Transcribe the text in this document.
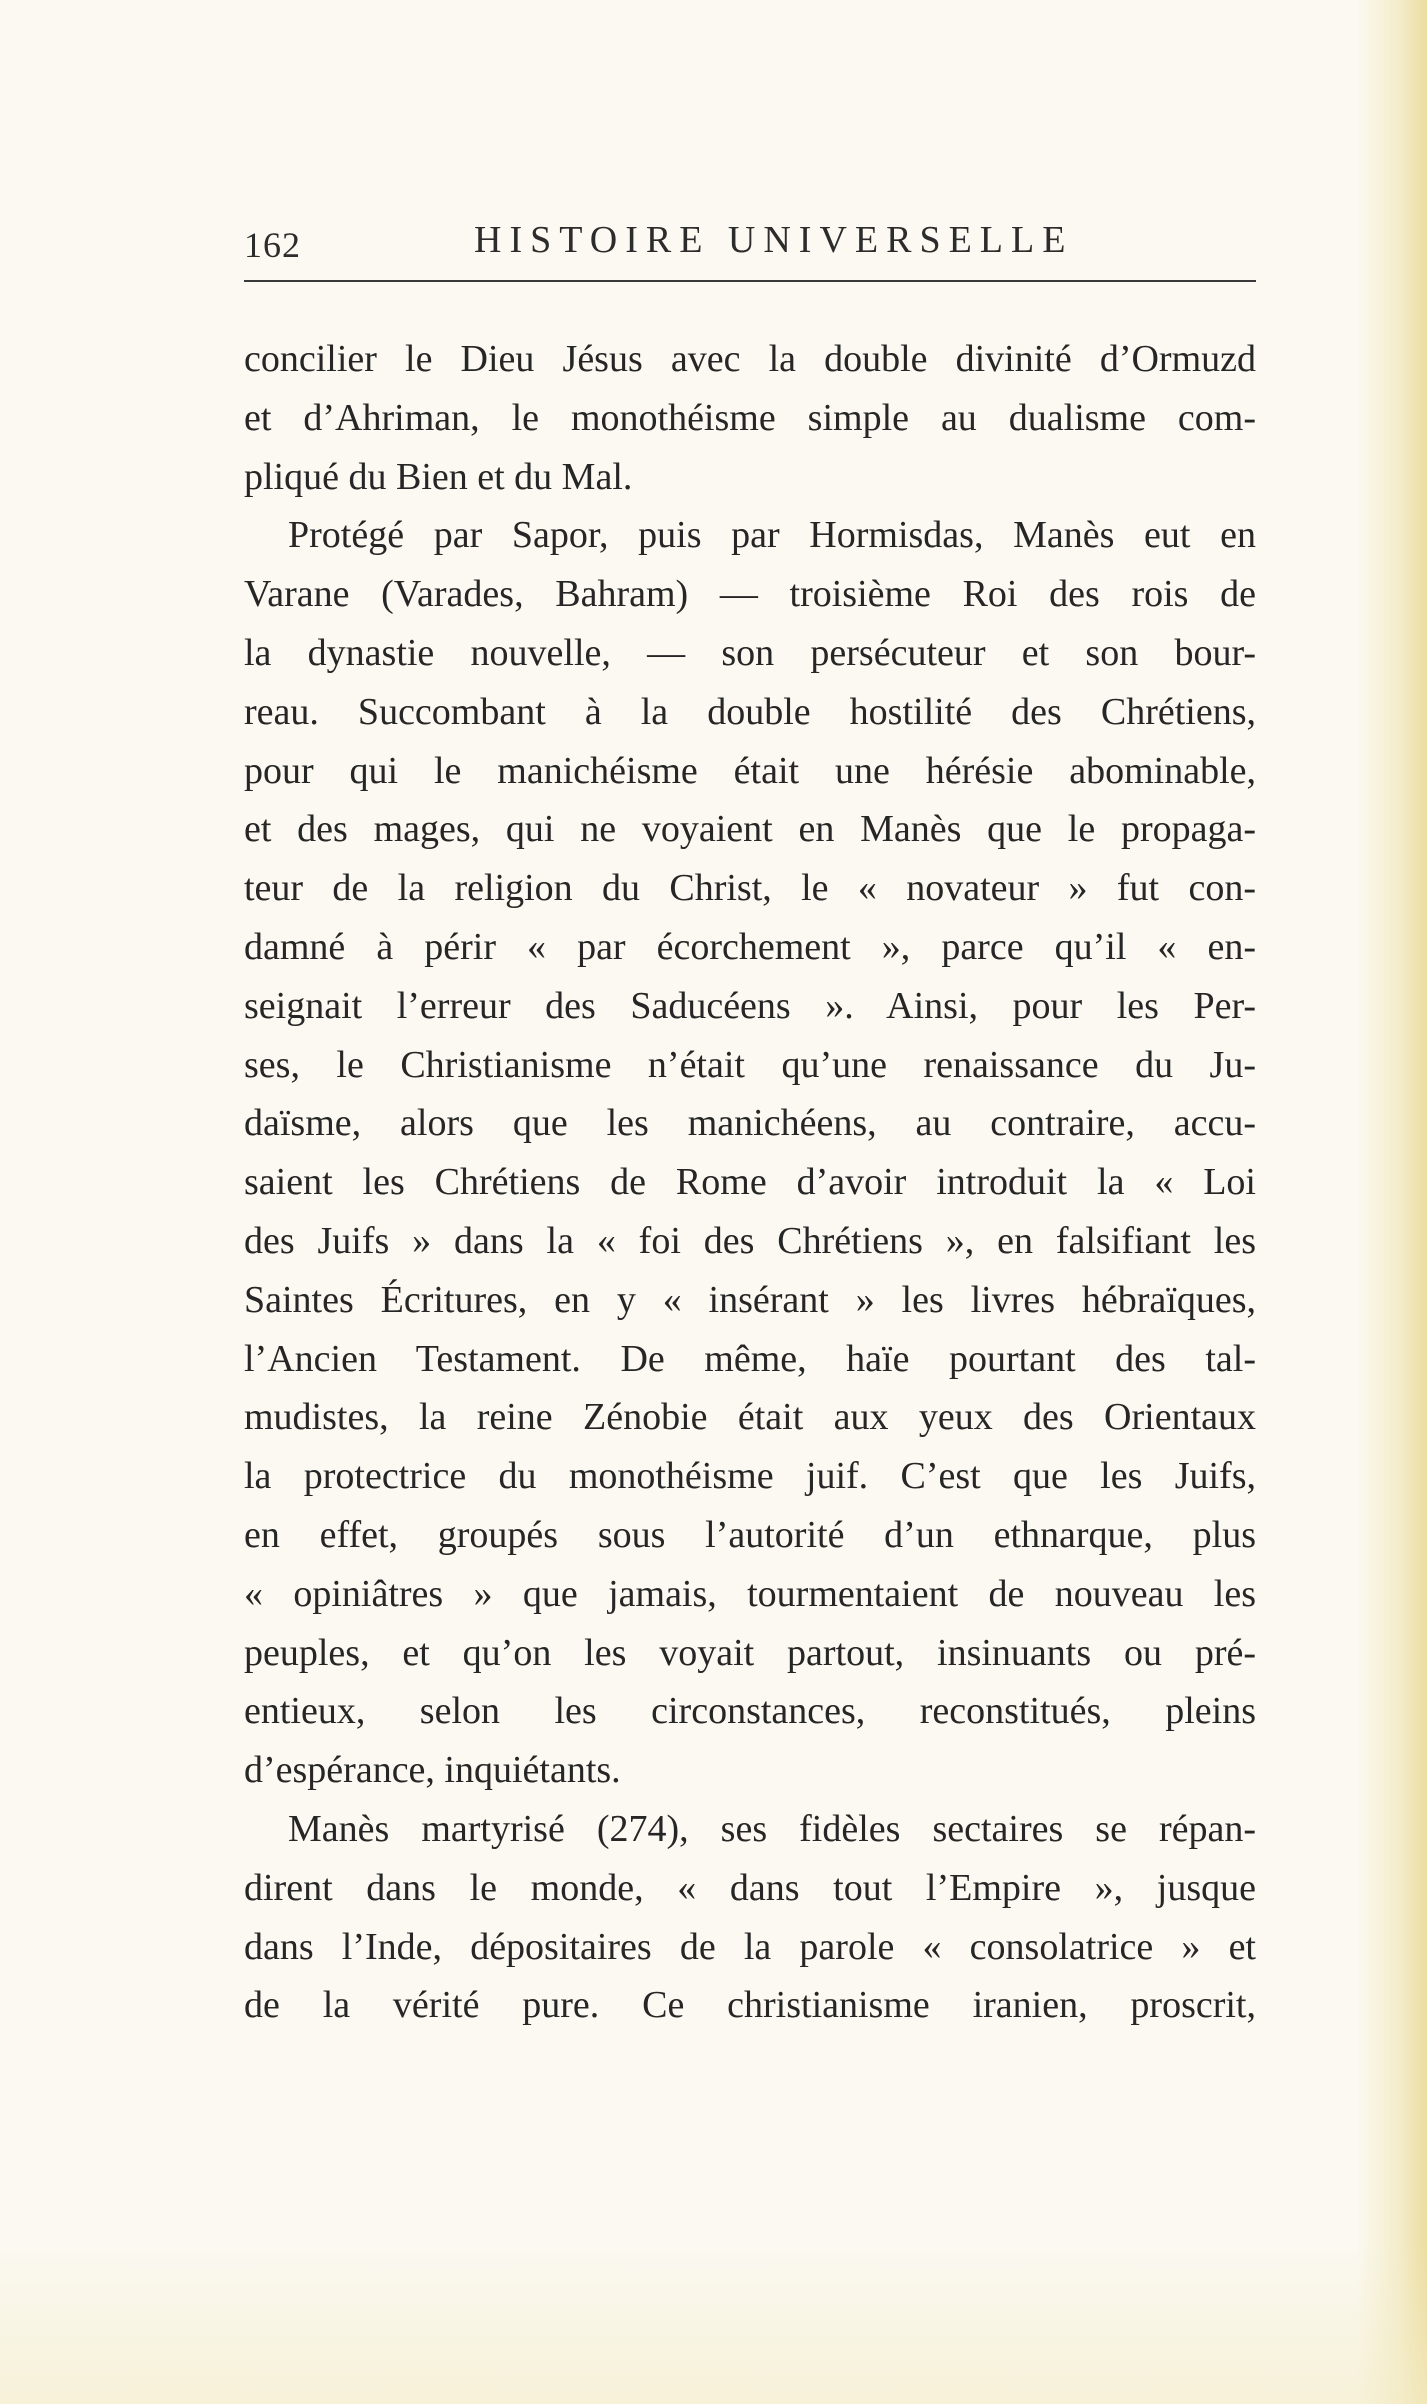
162	HISTOIRE UNIVERSELLE
concilier le Dieu Jésus avec la double divinité d’Ormuzd
et d’Ahriman, le monothéisme simple au dualisme com-
pliqué du Bien et du Mal.
Protégé par Sapor, puis par Hormisdas, Manès eut en
Varane (Varades, Bahram) — troisième Roi des rois de
la dynastie nouvelle, — son persécuteur et son bour-
reau. Succombant à la double hostilité des Chrétiens,
pour qui le manichéisme était une hérésie abominable,
et des mages, qui ne voyaient en Manès que le propaga-
teur de la religion du Christ, le « novateur » fut con-
damné à périr « par écorchement », parce qu’il « en-
seignait l’erreur des Saducéens ». Ainsi, pour les Per-
ses, le Christianisme n’était qu’une renaissance du Ju-
daïsme, alors que les manichéens, au contraire, accu-
saient les Chrétiens de Rome d’avoir introduit la « Loi
des Juifs » dans la « foi des Chrétiens », en falsifiant les
Saintes Écritures, en y « insérant » les livres hébraïques,
l’Ancien Testament. De même, haïe pourtant des tal-
mudistes, la reine Zénobie était aux yeux des Orientaux
la protectrice du monothéisme juif. C’est que les Juifs,
en effet, groupés sous l’autorité d’un ethnarque, plus
« opiniâtres » que jamais, tourmentaient de nouveau les
peuples, et qu’on les voyait partout, insinuants ou pré-
entieux, selon les circonstances, reconstitués, pleins
d’espérance, inquiétants.
Manès martyrisé (274), ses fidèles sectaires se répan-
dirent dans le monde, « dans tout l’Empire », jusque
dans l’Inde, dépositaires de la parole « consolatrice » et
de la vérité pure. Ce christianisme iranien, proscrit,
